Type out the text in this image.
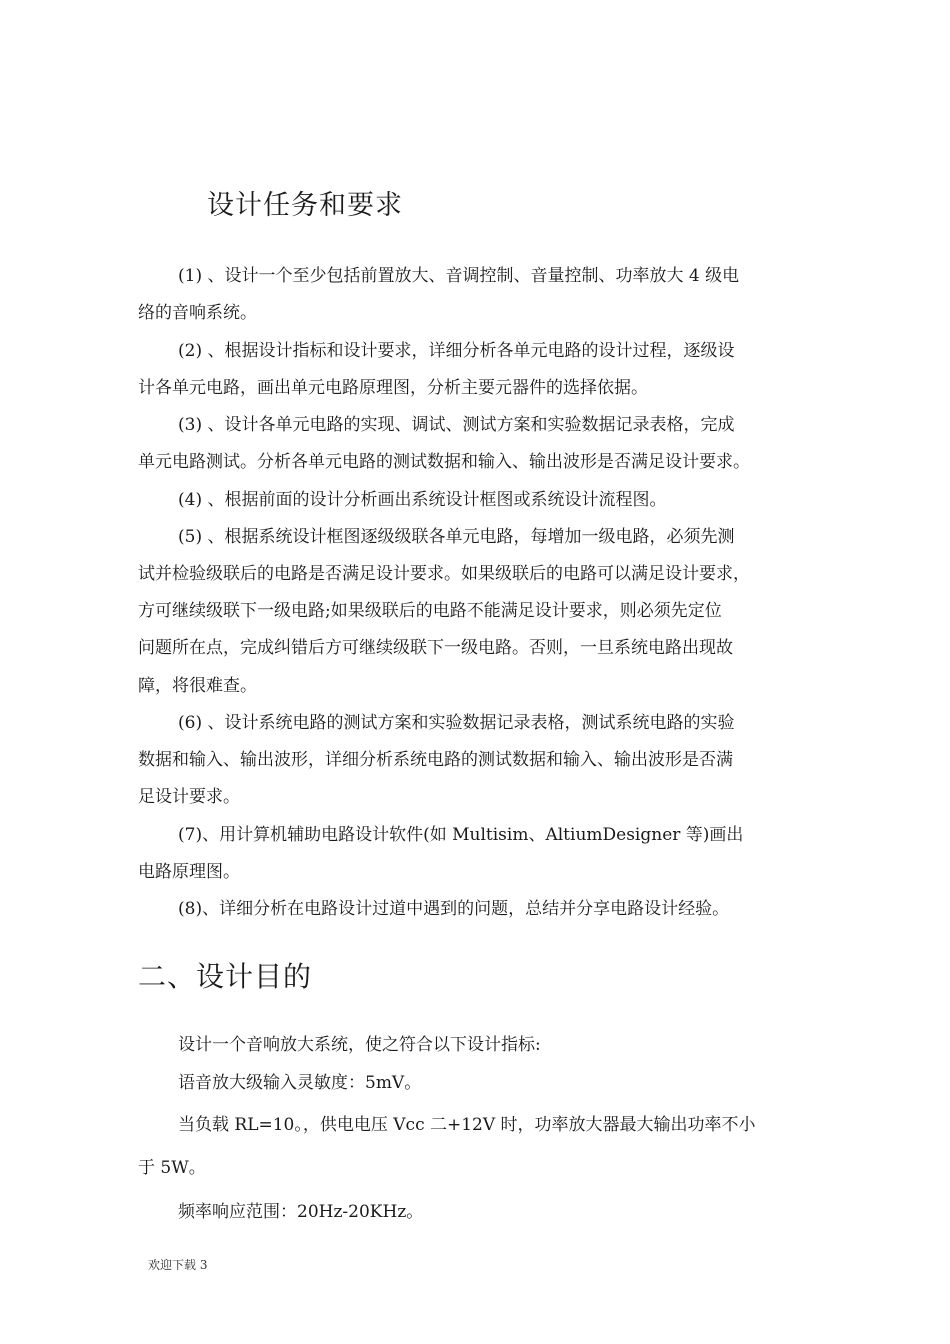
设计任务和要求
(1) 、设计一个至少包括前置放大、音调控制、音量控制、功率放大 4 级电
络的音响系统。
(2) 、根据设计指标和设计要求，详细分析各单元电路的设计过程，逐级设
计各单元电路，画出单元电路原理图，分析主要元器件的选择依据。
(3) 、设计各单元电路的实现、调试、测试方案和实验数据记录表格，完成
单元电路测试。分析各单元电路的测试数据和输入、输出波形是否满足设计要求。
(4) 、根据前面的设计分析画出系统设计框图或系统设计流程图。
(5) 、根据系统设计框图逐级级联各单元电路，每增加一级电路，必须先测
试并检验级联后的电路是否满足设计要求。如果级联后的电路可以满足设计要求，
方可继续级联下一级电路;如果级联后的电路不能满足设计要求，则必须先定位
问题所在点，完成纠错后方可继续级联下一级电路。否则，一旦系统电路出现故
障，将很难查。
(6) 、设计系统电路的测试方案和实验数据记录表格，测试系统电路的实验
数据和输入、输出波形，详细分析系统电路的测试数据和输入、输出波形是否满
足设计要求。
(7)、用计算机辅助电路设计软件(如 Multisim、AltiumDesigner 等)画出
电路原理图。
(8)、详细分析在电路设计过道中遇到的问题，总结并分享电路设计经验。
二、设计目的
设计一个音响放大系统，使之符合以下设计指标:
语音放大级输入灵敏度：5mV。
当负载 RL=10。，供电电压 Vcc 二+12V 时，功率放大器最大输出功率不小
于 5W。
频率响应范围：20Hz-20KHz。
欢迎下载 3
